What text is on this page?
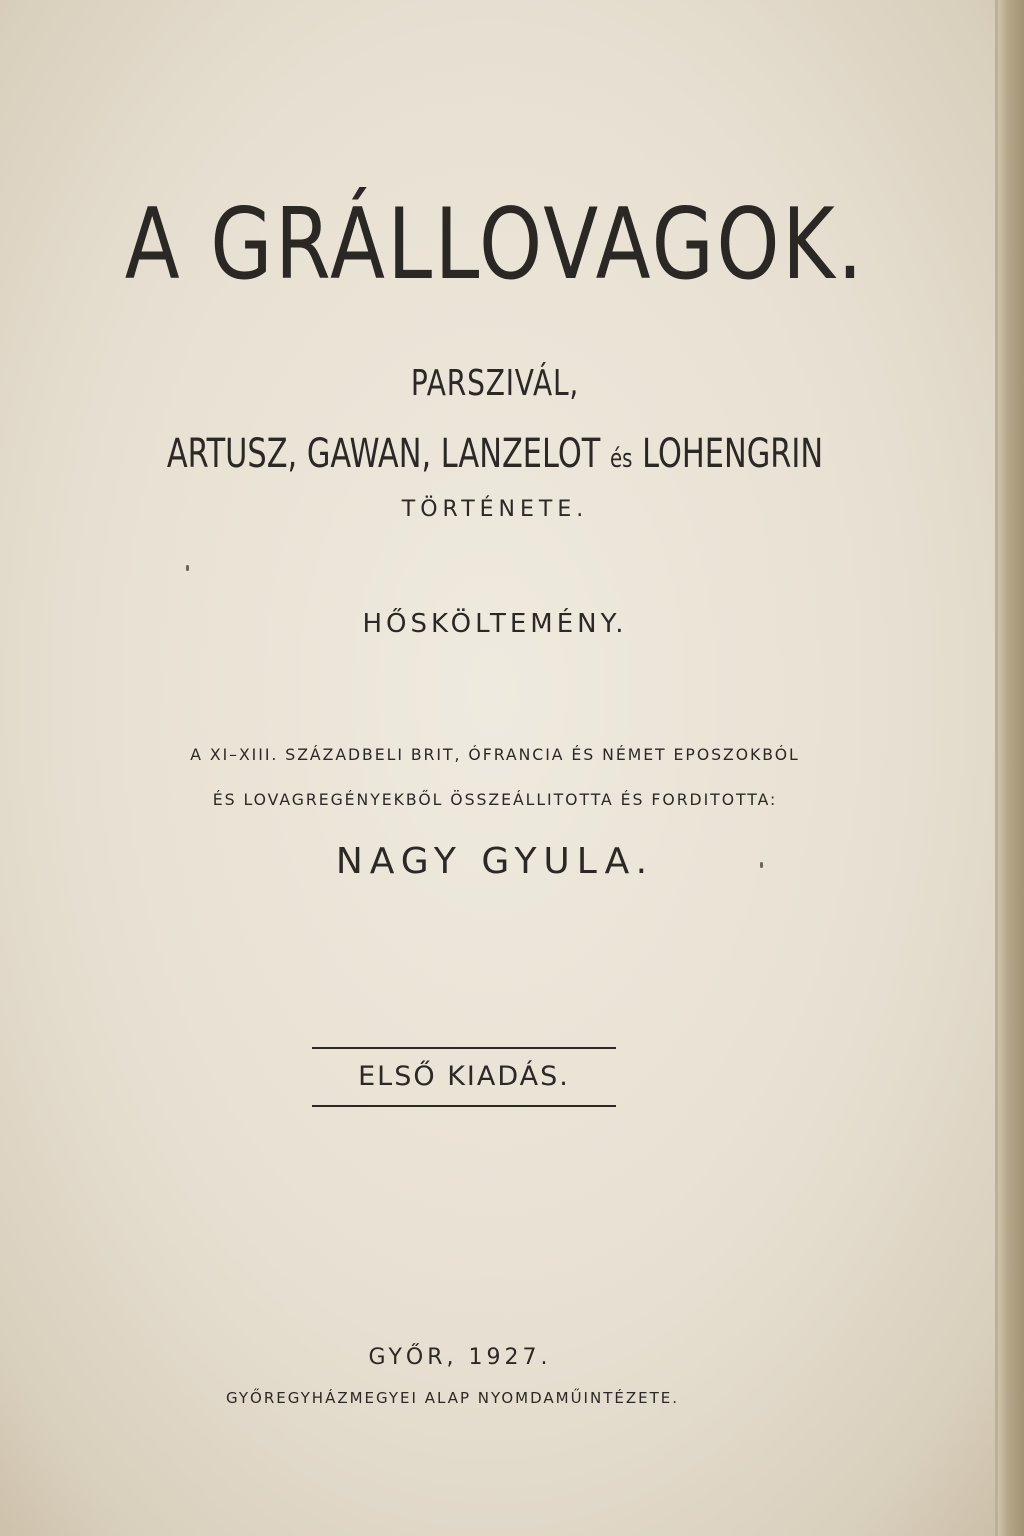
A GRÁLLOVAGOK.
PARSZIVÁL,
ARTUSZ, GAWAN, LANZELOT és LOHENGRIN
TÖRTÉNETE.
HŐSKÖLTEMÉNY.
A XI–XIII. SZÁZADBELI BRIT, ÓFRANCIA ÉS NÉMET EPOSZOKBÓL
ÉS LOVAGREGÉNYEKBŐL ÖSSZEÁLLITOTTA ÉS FORDITOTTA:
NAGY GYULA.
ELSŐ KIADÁS.
GYŐR, 1927.
GYŐREGYHÁZMEGYEI ALAP NYOMDAMŰINTÉZETE.
